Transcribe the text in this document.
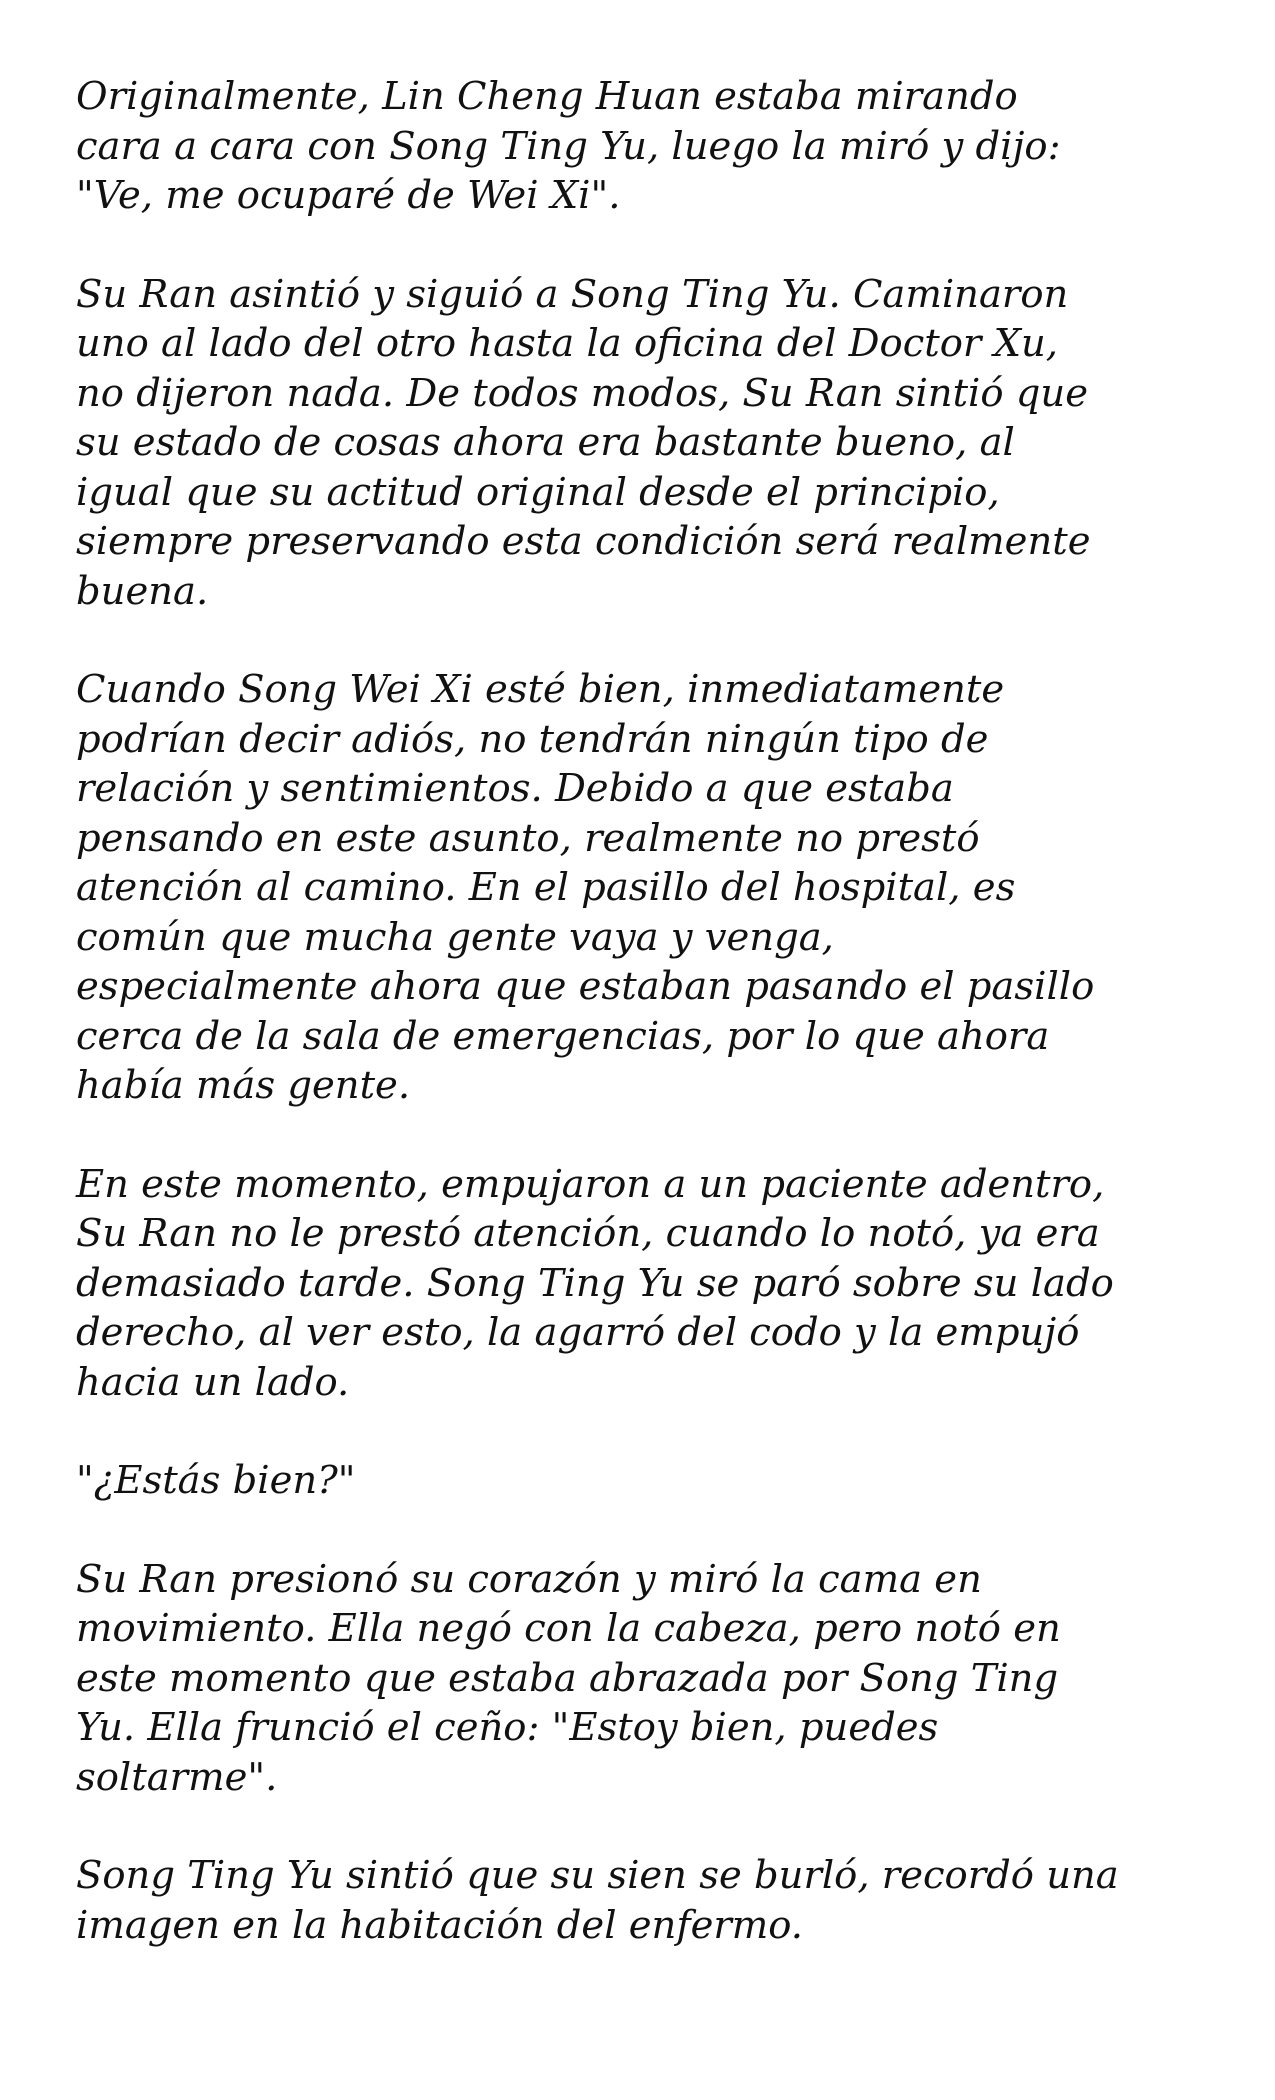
Originalmente, Lin Cheng Huan estaba mirando
cara a cara con Song Ting Yu, luego la miró y dijo:
"Ve, me ocuparé de Wei Xi".

Su Ran asintió y siguió a Song Ting Yu. Caminaron
uno al lado del otro hasta la oficina del Doctor Xu,
no dijeron nada. De todos modos, Su Ran sintió que
su estado de cosas ahora era bastante bueno, al
igual que su actitud original desde el principio,
siempre preservando esta condición será realmente
buena.

Cuando Song Wei Xi esté bien, inmediatamente
podrían decir adiós, no tendrán ningún tipo de
relación y sentimientos. Debido a que estaba
pensando en este asunto, realmente no prestó
atención al camino. En el pasillo del hospital, es
común que mucha gente vaya y venga,
especialmente ahora que estaban pasando el pasillo
cerca de la sala de emergencias, por lo que ahora
había más gente.

En este momento, empujaron a un paciente adentro,
Su Ran no le prestó atención, cuando lo notó, ya era
demasiado tarde. Song Ting Yu se paró sobre su lado
derecho, al ver esto, la agarró del codo y la empujó
hacia un lado.

"¿Estás bien?"

Su Ran presionó su corazón y miró la cama en
movimiento. Ella negó con la cabeza, pero notó en
este momento que estaba abrazada por Song Ting
Yu. Ella frunció el ceño: "Estoy bien, puedes
soltarme".

Song Ting Yu sintió que su sien se burló, recordó una
imagen en la habitación del enfermo.
